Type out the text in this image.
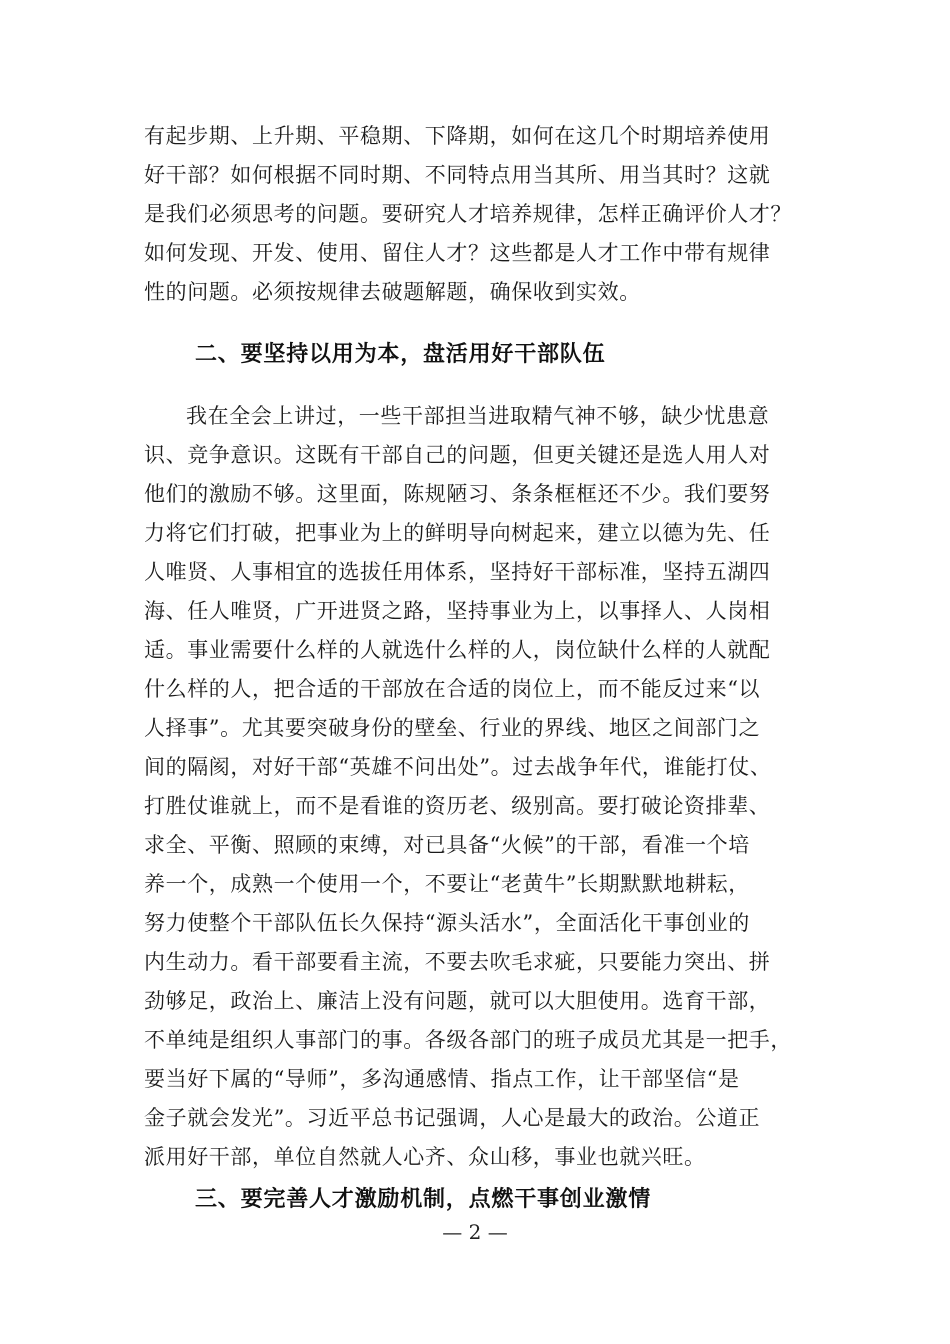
有起步期、上升期、平稳期、下降期，如何在这几个时期培养使用
好干部？如何根据不同时期、不同特点用当其所、用当其时？这就
是我们必须思考的问题。要研究人才培养规律，怎样正确评价人才？
如何发现、开发、使用、留住人才？这些都是人才工作中带有规律
性的问题。必须按规律去破题解题，确保收到实效。
二、要坚持以用为本，盘活用好干部队伍
我在全会上讲过，一些干部担当进取精气神不够，缺少忧患意
识、竞争意识。这既有干部自己的问题，但更关键还是选人用人对
他们的激励不够。这里面，陈规陋习、条条框框还不少。我们要努
力将它们打破，把事业为上的鲜明导向树起来，建立以德为先、任
人唯贤、人事相宜的选拔任用体系，坚持好干部标准，坚持五湖四
海、任人唯贤，广开进贤之路，坚持事业为上，以事择人、人岗相
适。事业需要什么样的人就选什么样的人，岗位缺什么样的人就配
什么样的人，把合适的干部放在合适的岗位上，而不能反过来“以
人择事”。尤其要突破身份的壁垒、行业的界线、地区之间部门之
间的隔阂，对好干部“英雄不问出处”。过去战争年代，谁能打仗、
打胜仗谁就上，而不是看谁的资历老、级别高。要打破论资排辈、
求全、平衡、照顾的束缚，对已具备“火候”的干部，看准一个培
养一个，成熟一个使用一个，不要让“老黄牛”长期默默地耕耘，
努力使整个干部队伍长久保持“源头活水”，全面活化干事创业的
内生动力。看干部要看主流，不要去吹毛求疵，只要能力突出、拼
劲够足，政治上、廉洁上没有问题，就可以大胆使用。选育干部，
不单纯是组织人事部门的事。各级各部门的班子成员尤其是一把手，
要当好下属的“导师”，多沟通感情、指点工作，让干部坚信“是
金子就会发光”。习近平总书记强调，人心是最大的政治。公道正
派用好干部，单位自然就人心齐、众山移，事业也就兴旺。
三、要完善人才激励机制，点燃干事创业激情
— 2 —
